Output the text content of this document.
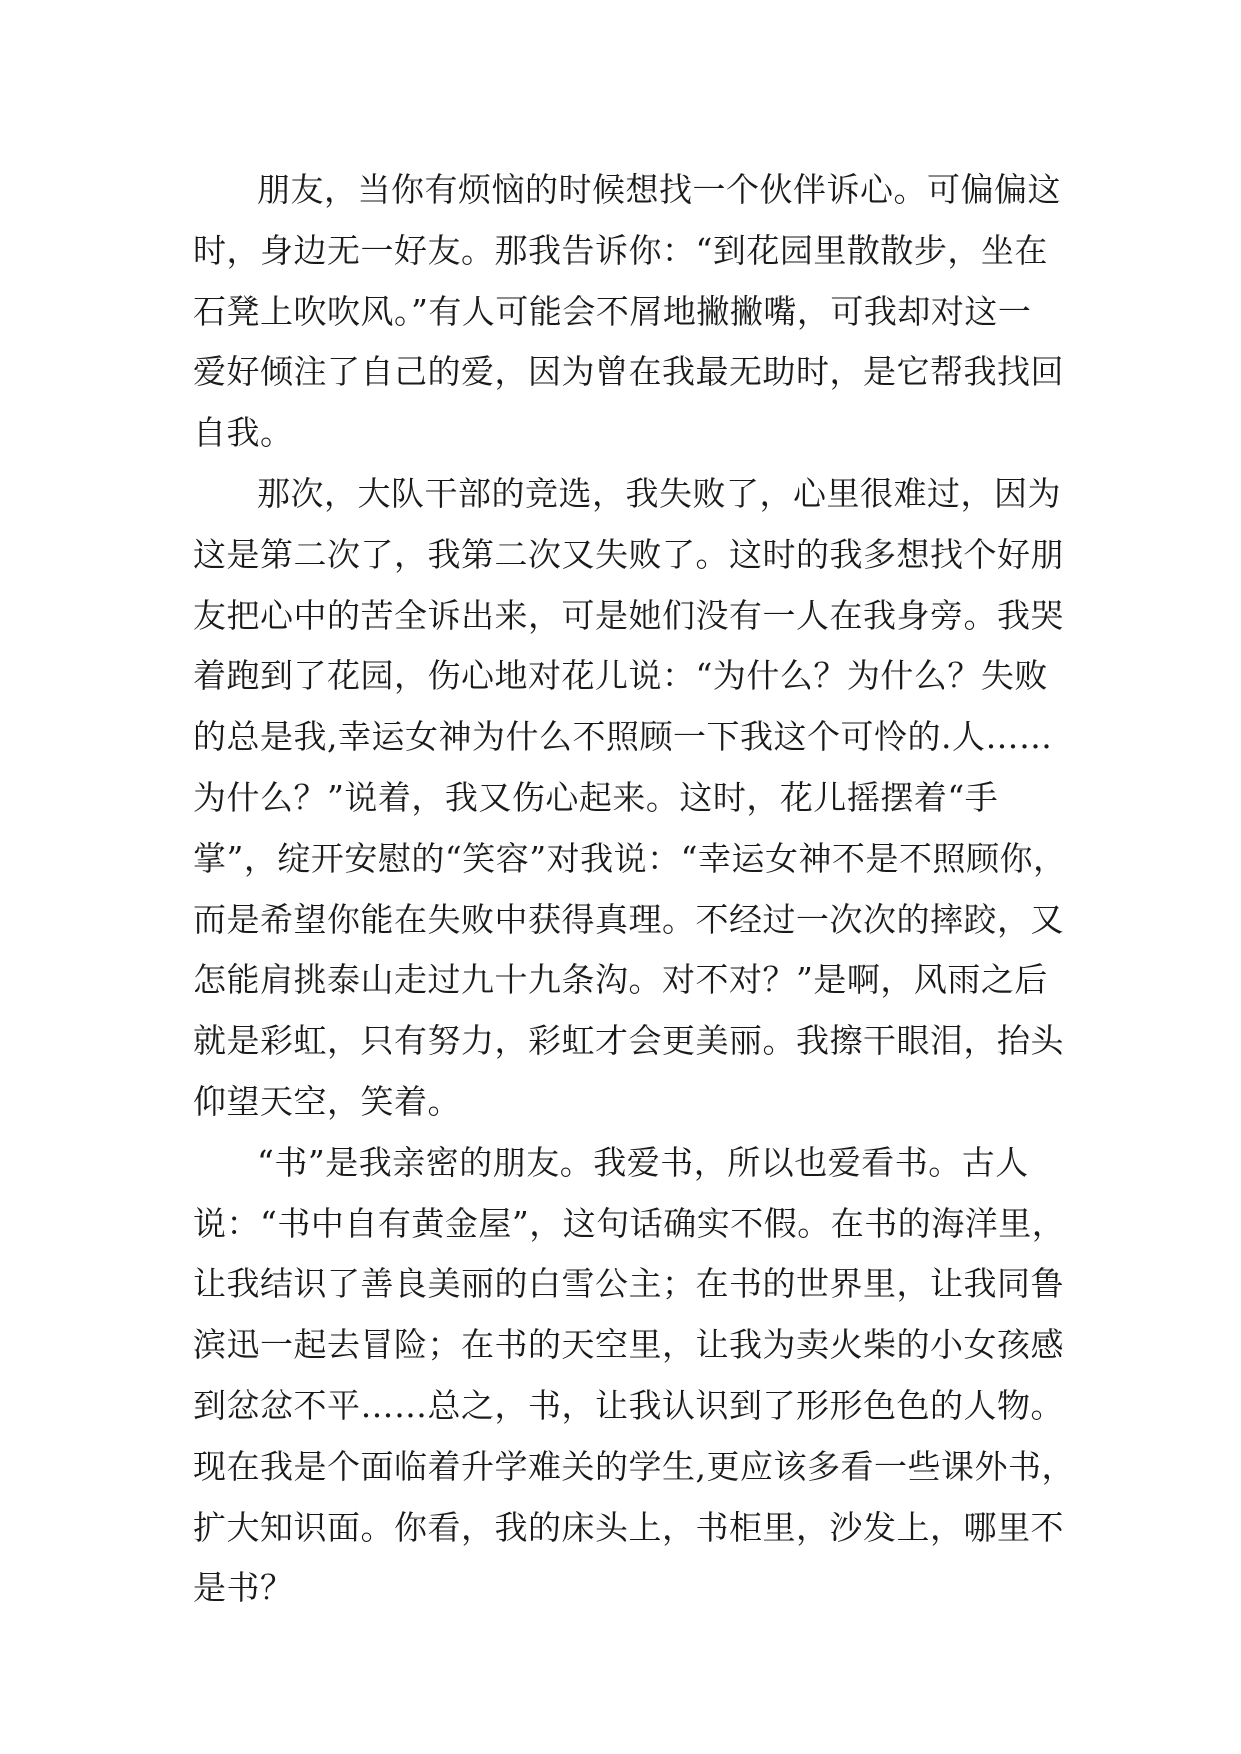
朋友，当你有烦恼的时候想找一个伙伴诉心。可偏偏这
时，身边无一好友。那我告诉你：“到花园里散散步，坐在
石凳上吹吹风。”有人可能会不屑地撇撇嘴，可我却对这一
爱好倾注了自己的爱，因为曾在我最无助时，是它帮我找回
自我。
那次，大队干部的竞选，我失败了，心里很难过，因为
这是第二次了，我第二次又失败了。这时的我多想找个好朋
友把心中的苦全诉出来，可是她们没有一人在我身旁。我哭
着跑到了花园，伤心地对花儿说：“为什么？为什么？失败
的总是我,幸运女神为什么不照顾一下我这个可怜的.人……
为什么？”说着，我又伤心起来。这时，花儿摇摆着“手
掌”，绽开安慰的“笑容”对我说：“幸运女神不是不照顾你，
而是希望你能在失败中获得真理。不经过一次次的摔跤，又
怎能肩挑泰山走过九十九条沟。对不对？”是啊，风雨之后
就是彩虹，只有努力，彩虹才会更美丽。我擦干眼泪，抬头
仰望天空，笑着。
“书”是我亲密的朋友。我爱书，所以也爱看书。古人
说：“书中自有黄金屋”，这句话确实不假。在书的海洋里，
让我结识了善良美丽的白雪公主；在书的世界里，让我同鲁
滨迅一起去冒险；在书的天空里，让我为卖火柴的小女孩感
到忿忿不平……总之，书，让我认识到了形形色色的人物。
现在我是个面临着升学难关的学生,更应该多看一些课外书，
扩大知识面。你看，我的床头上，书柜里，沙发上，哪里不
是书？
